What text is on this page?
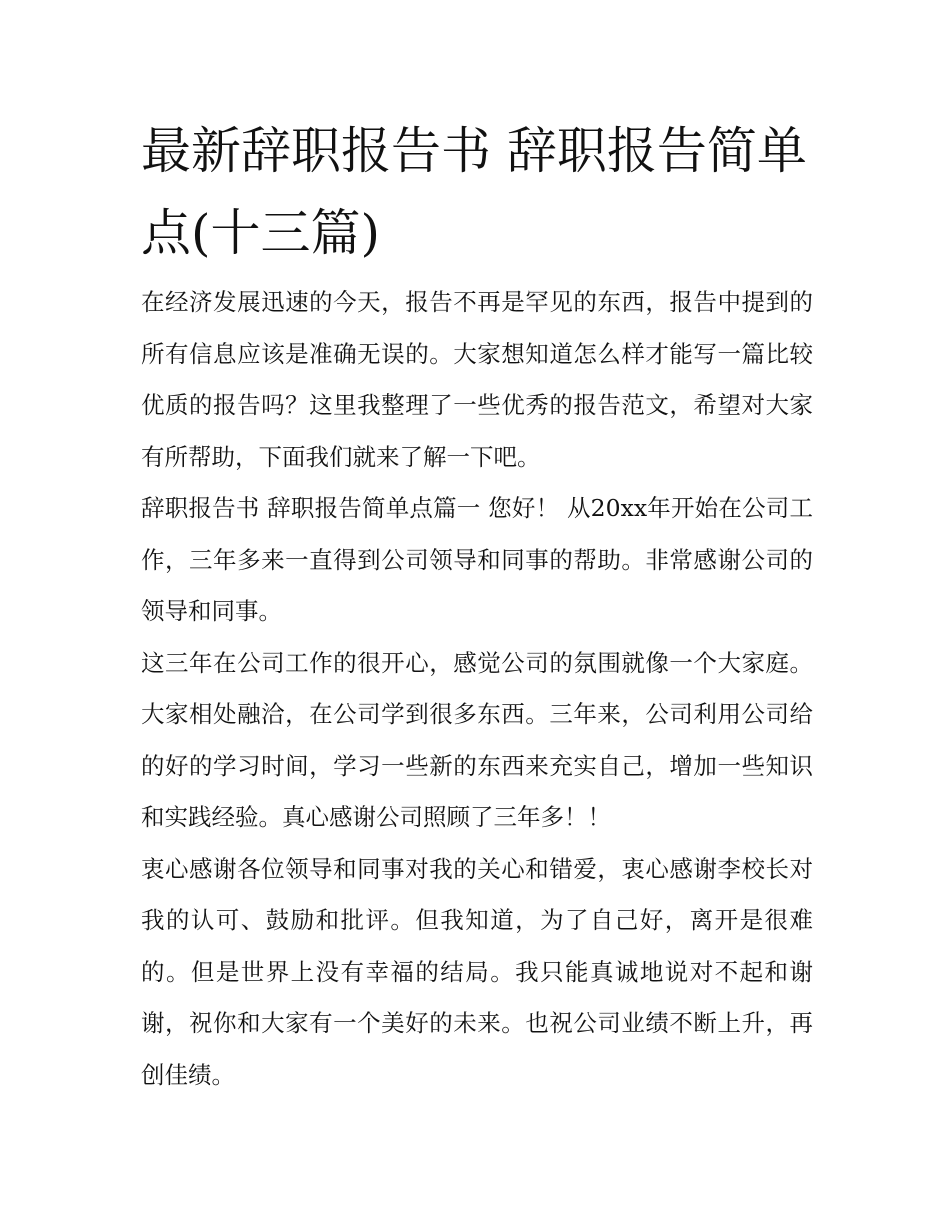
最新辞职报告书 辞职报告简单点(十三篇)

在经济发展迅速的今天，报告不再是罕见的东西，报告中提到的所有信息应该是准确无误的。大家想知道怎么样才能写一篇比较优质的报告吗？这里我整理了一些优秀的报告范文，希望对大家有所帮助，下面我们就来了解一下吧。

辞职报告书 辞职报告简单点篇一 您好！ 从20xx年开始在公司工作，三年多来一直得到公司领导和同事的帮助。非常感谢公司的领导和同事。

这三年在公司工作的很开心，感觉公司的氛围就像一个大家庭。大家相处融洽，在公司学到很多东西。三年来，公司利用公司给的好的学习时间，学习一些新的东西来充实自己，增加一些知识和实践经验。真心感谢公司照顾了三年多！！

衷心感谢各位领导和同事对我的关心和错爱，衷心感谢李校长对我的认可、鼓励和批评。但我知道，为了自己好，离开是很难的。但是世界上没有幸福的结局。我只能真诚地说对不起和谢谢，祝你和大家有一个美好的未来。也祝公司业绩不断上升，再创佳绩。
